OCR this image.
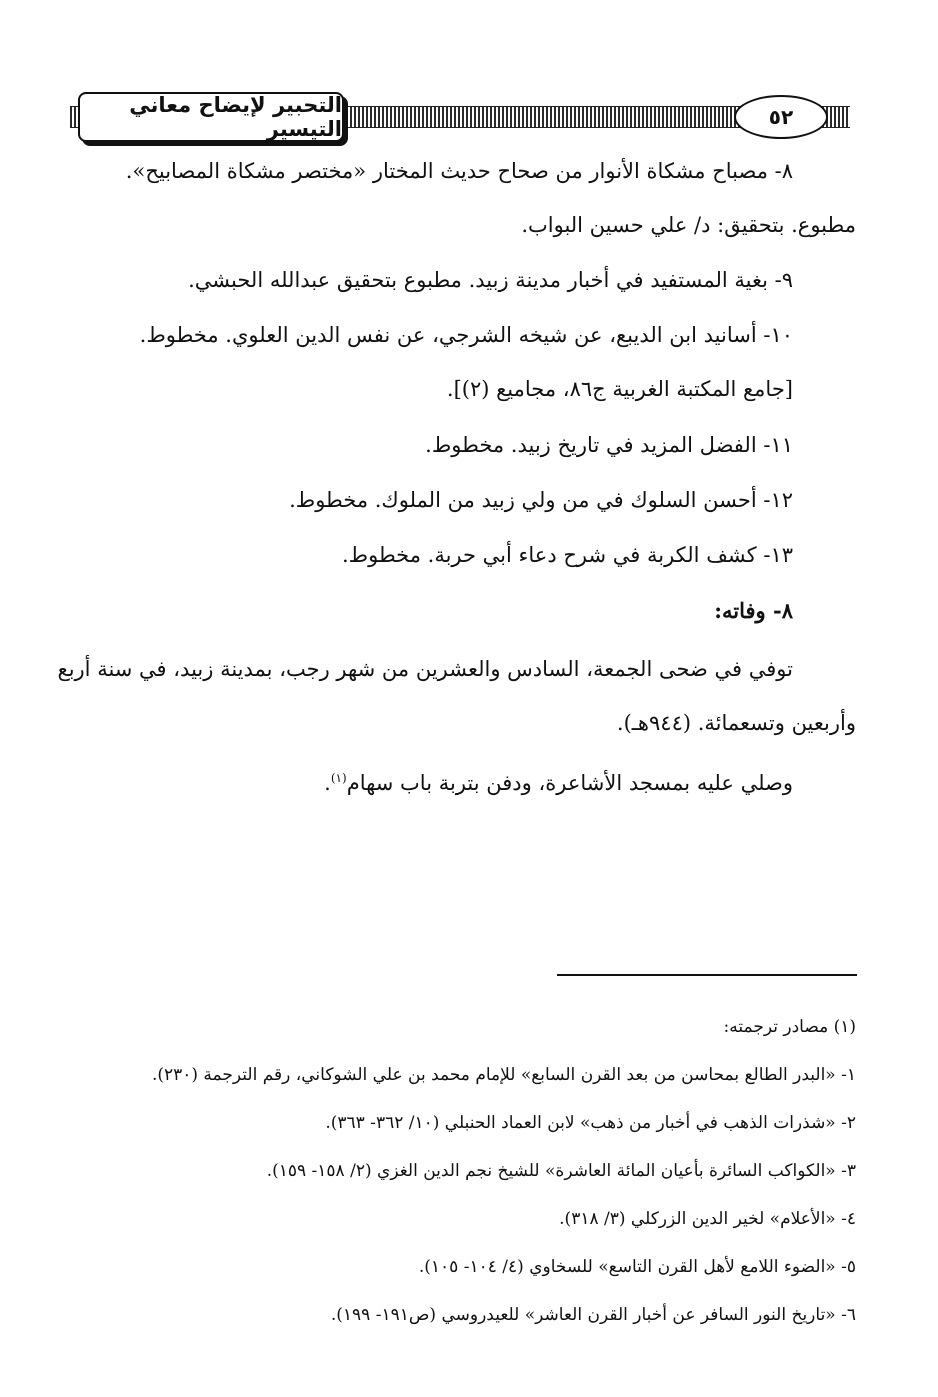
التحبير لإيضاح معاني التيسير	٥٢
٨- مصباح مشكاة الأنوار من صحاح حديث المختار «مختصر مشكاة المصابيح».
مطبوع. بتحقيق: د/ علي حسين البواب.
٩- بغية المستفيد في أخبار مدينة زبيد. مطبوع بتحقيق عبدالله الحبشي.
١٠- أسانيد ابن الديبع، عن شيخه الشرجي، عن نفس الدين العلوي. مخطوط.
[جامع المكتبة الغربية ج٨٦، مجاميع (٢)].
١١- الفضل المزيد في تاريخ زبيد. مخطوط.
١٢- أحسن السلوك في من ولي زبيد من الملوك. مخطوط.
١٣- كشف الكربة في شرح دعاء أبي حربة. مخطوط.
٨- وفاته:
توفي في ضحى الجمعة، السادس والعشرين من شهر رجب، بمدينة زبيد، في سنة أربع
وأربعين وتسعمائة. (٩٤٤هـ).
وصلي عليه بمسجد الأشاعرة، ودفن بتربة باب سهام$^{(١)}$.
(١) مصادر ترجمته:
١- «البدر الطالع بمحاسن من بعد القرن السابع» للإمام محمد بن علي الشوكاني، رقم الترجمة (٢٣٠).
٢- «شذرات الذهب في أخبار من ذهب» لابن العماد الحنبلي (١٠/ ٣٦٢- ٣٦٣).
٣- «الكواكب السائرة بأعيان المائة العاشرة» للشيخ نجم الدين الغزي (٢/ ١٥٨- ١٥٩).
٤- «الأعلام» لخير الدين الزركلي (٣/ ٣١٨).
٥- «الضوء اللامع لأهل القرن التاسع» للسخاوي (٤/ ١٠٤- ١٠٥).
٦- «تاريخ النور السافر عن أخبار القرن العاشر» للعيدروسي (ص١٩١- ١٩٩).
